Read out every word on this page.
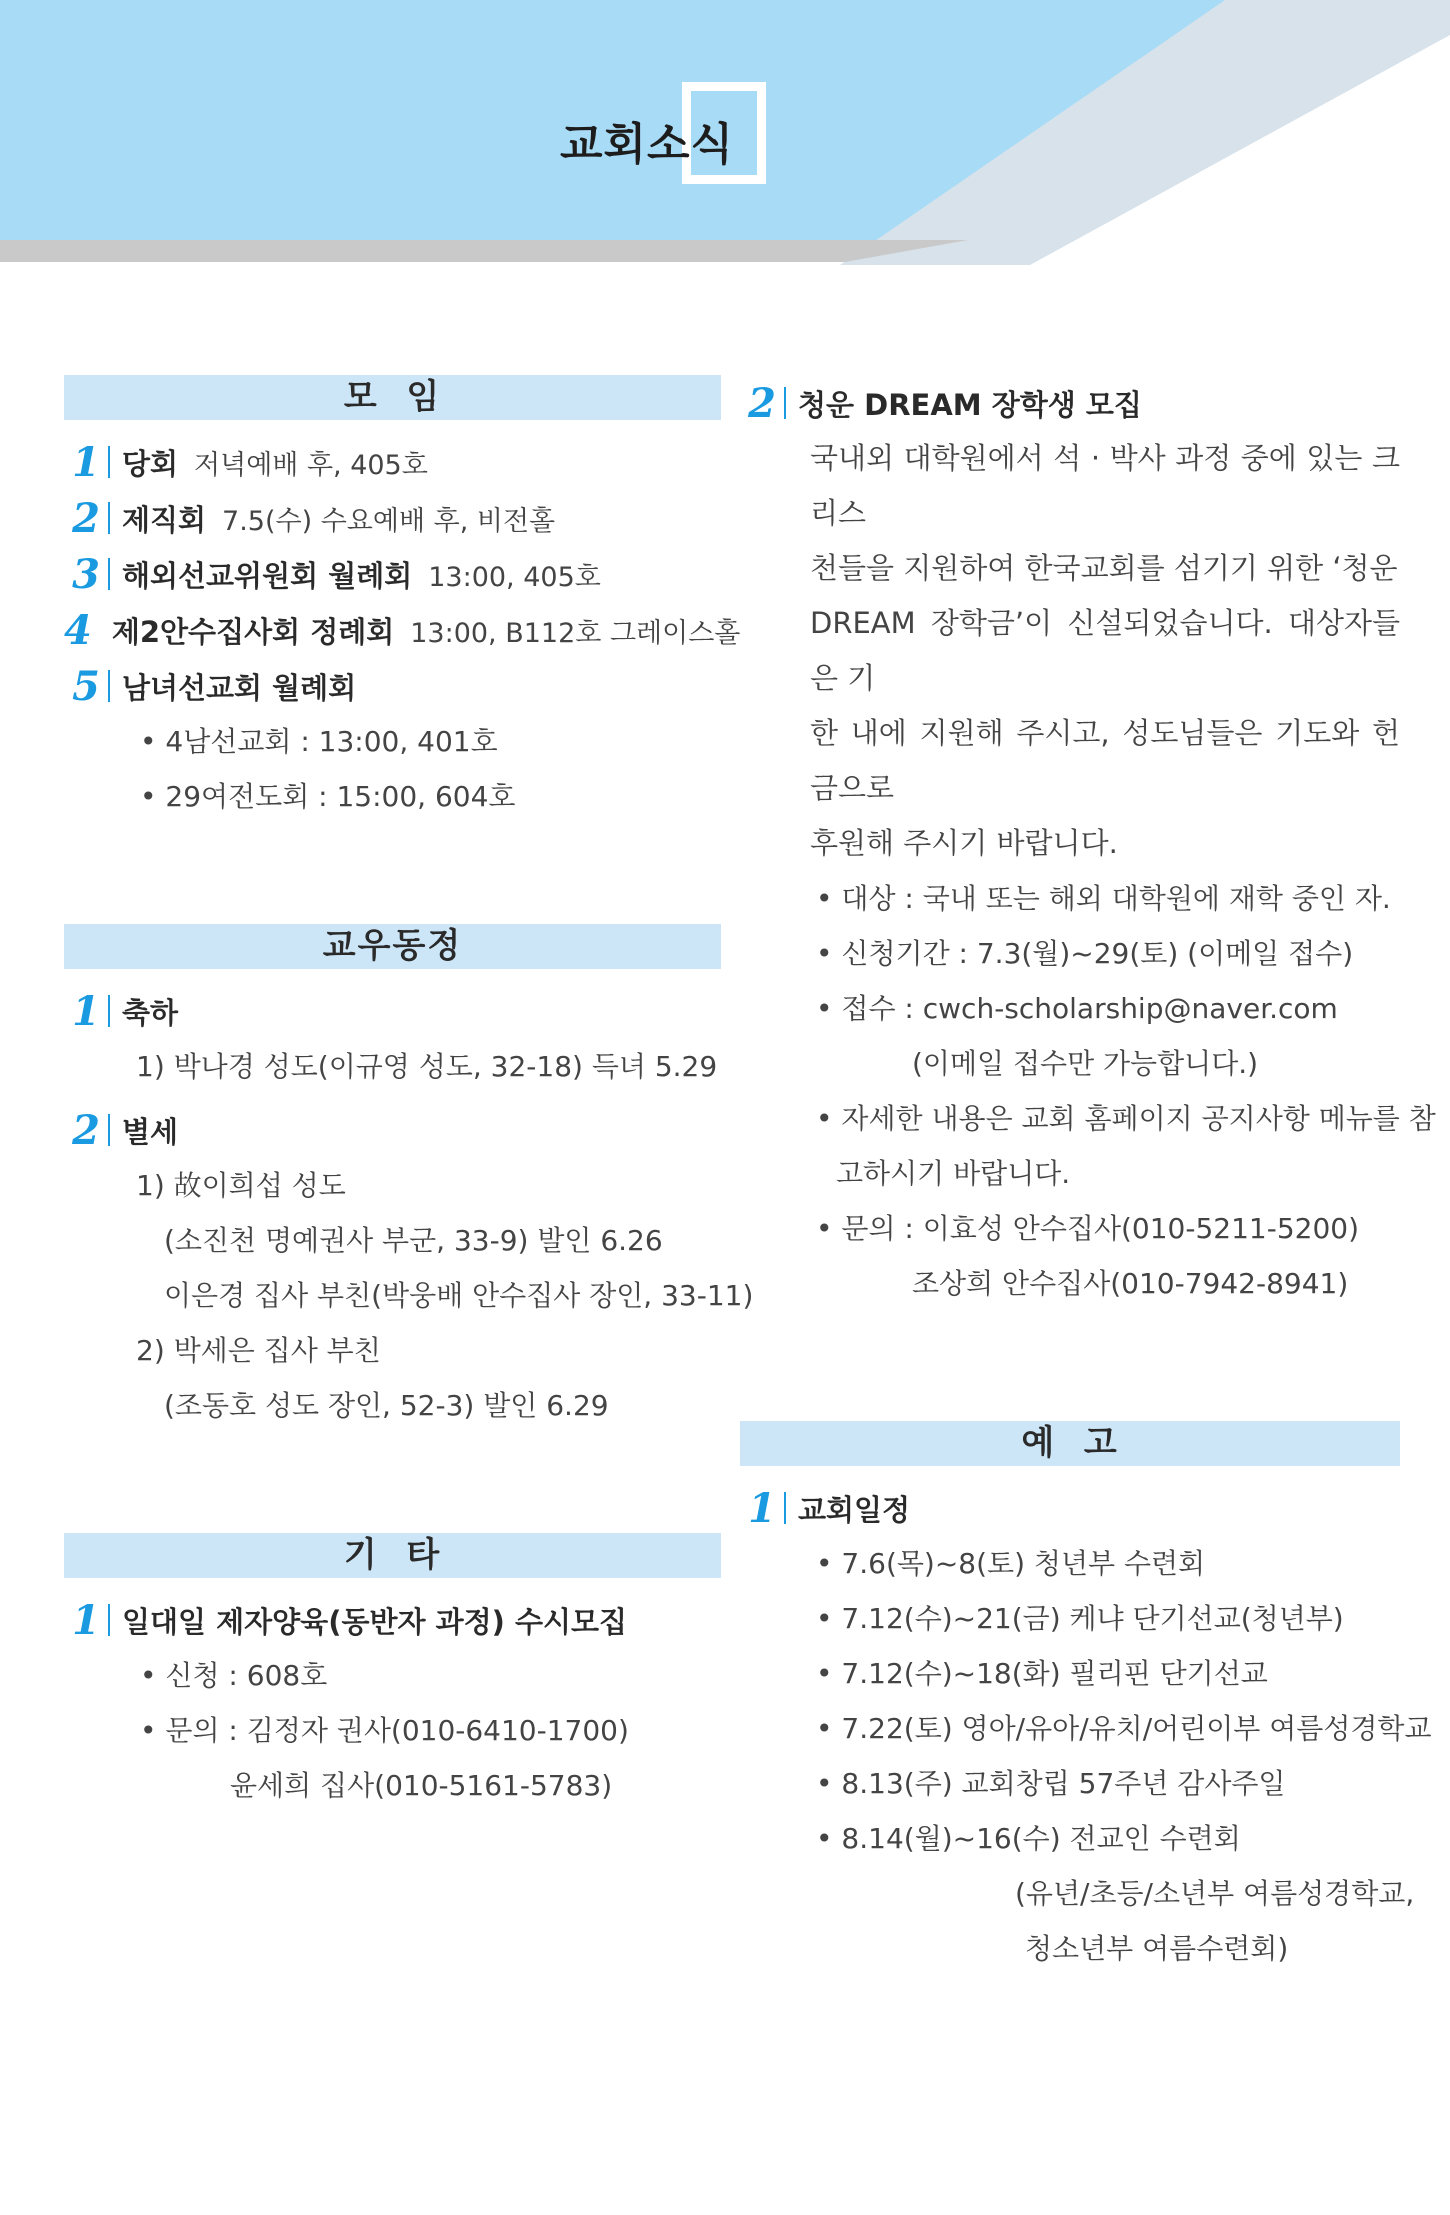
교회소식
모  임
1 당회 저녁예배 후, 405호
2 제직회 7.5(수) 수요예배 후, 비전홀
3 해외선교위원회 월례회 13:00, 405호
4 제2안수집사회 정례회 13:00, B112호 그레이스홀
5 남녀선교회 월례회
• 4남선교회 : 13:00, 401호
• 29여전도회 : 15:00, 604호
교우동정
1 축하
1) 박나경 성도(이규영 성도, 32-18) 득녀 5.29
2 별세
1) 故이희섭 성도
(소진천 명예권사 부군, 33-9) 발인 6.26
이은경 집사 부친(박웅배 안수집사 장인, 33-11)
2) 박세은 집사 부친
(조동호 성도 장인, 52-3) 발인 6.29
기  타
1 일대일 제자양육(동반자 과정) 수시모집
• 신청 : 608호
• 문의 : 김정자 권사(010-6410-1700)
윤세희 집사(010-5161-5783)
2 청운 DREAM 장학생 모집
국내외 대학원에서 석 · 박사 과정 중에 있는 크리스
천들을 지원하여 한국교회를 섬기기 위한 ‘청운
DREAM 장학금’이 신설되었습니다. 대상자들은 기
한 내에 지원해 주시고, 성도님들은 기도와 헌금으로
후원해 주시기 바랍니다.
• 대상 : 국내 또는 해외 대학원에 재학 중인 자.
• 신청기간 : 7.3(월)~29(토) (이메일 접수)
• 접수 : cwch-scholarship@naver.com
(이메일 접수만 가능합니다.)
• 자세한 내용은 교회 홈페이지 공지사항 메뉴를 참
고하시기 바랍니다.
• 문의 : 이효성 안수집사(010-5211-5200)
조상희 안수집사(010-7942-8941)
예  고
1 교회일정
• 7.6(목)~8(토) 청년부 수련회
• 7.12(수)~21(금) 케냐 단기선교(청년부)
• 7.12(수)~18(화) 필리핀 단기선교
• 7.22(토) 영아/유아/유치/어린이부 여름성경학교
• 8.13(주) 교회창립 57주년 감사주일
• 8.14(월)~16(수) 전교인 수련회
(유년/초등/소년부 여름성경학교,
청소년부 여름수련회)
